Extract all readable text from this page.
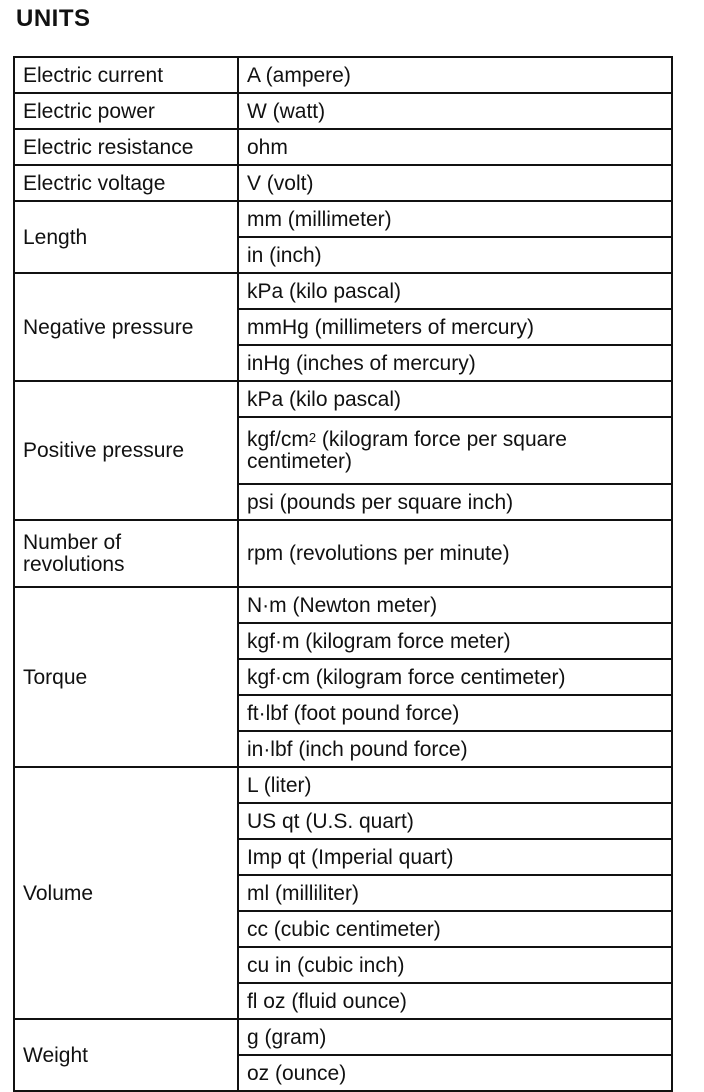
UNITS
Electric current	A (ampere)
Electric power	W (watt)
Electric resistance	ohm
Electric voltage	V (volt)
Length	mm (millimeter)
	in (inch)
Negative pressure	kPa (kilo pascal)
	mmHg (millimeters of mercury)
	inHg (inches of mercury)
Positive pressure	kPa (kilo pascal)
	kgf/$cm^2$ (kilogram force per square centimeter)
	psi (pounds per square inch)
Number of
revolutions	rpm (revolutions per minute)
Torque	N·m (Newton meter)
	kgf·m (kilogram force meter)
	kgf·cm (kilogram force centimeter)
	ft·lbf (foot pound force)
	in·lbf (inch pound force)
Volume	L (liter)
	US qt (U.S. quart)
	Imp qt (Imperial quart)
	ml (milliliter)
	cc (cubic centimeter)
	cu in (cubic inch)
	fl oz (fluid ounce)
Weight	g (gram)
	oz (ounce)
